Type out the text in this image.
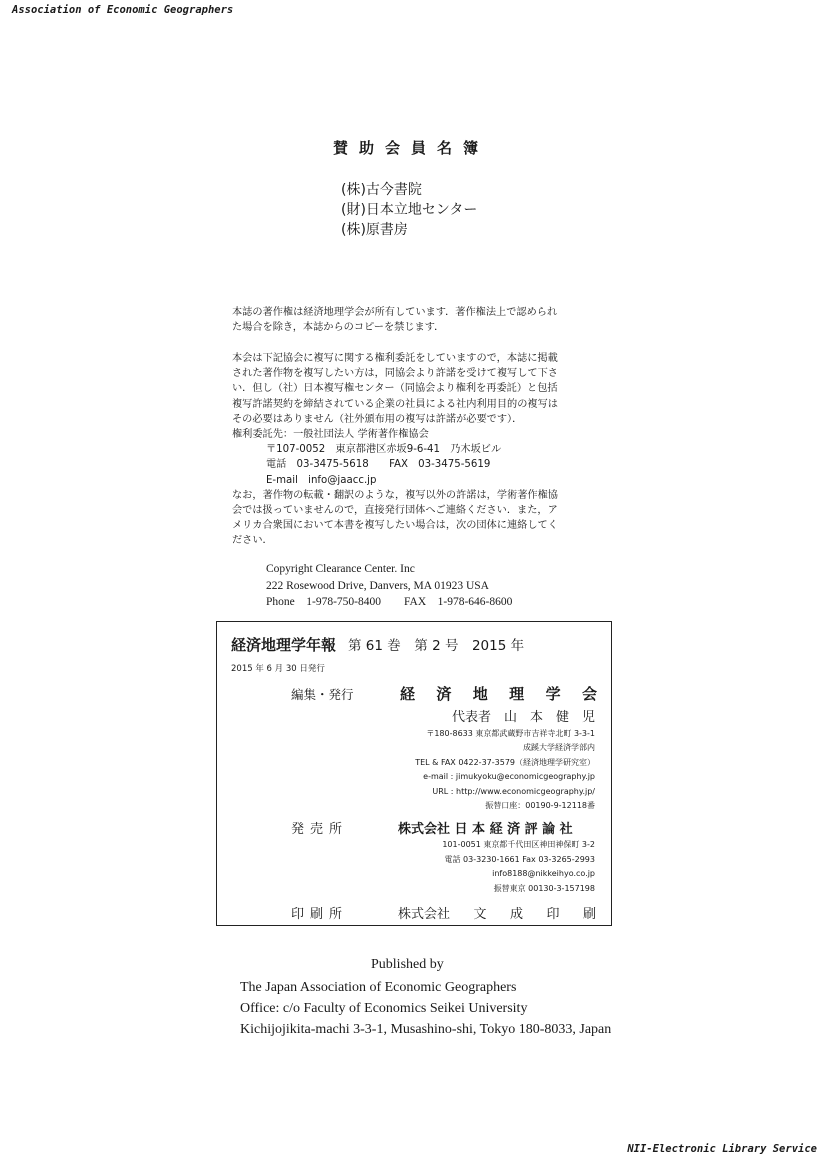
Association of Economic Geographers
NII-Electronic Library Service
賛助会員名簿
(株)古今書院
(財)日本立地センター
(株)原書房
本誌の著作権は経済地理学会が所有しています．著作権法上で認められ
た場合を除き，本誌からのコピーを禁じます．
本会は下記協会に複写に関する権利委託をしていますので，本誌に掲載
された著作物を複写したい方は，同協会より許諾を受けて複写して下さ
い．但し（社）日本複写権センター（同協会より権利を再委託）と包括
複写許諾契約を締結されている企業の社員による社内利用目的の複写は
その必要はありません（社外頒布用の複写は許諾が必要です）．
権利委託先：一般社団法人 学術著作権協会
〒107-0052　東京都港区赤坂9-6-41　乃木坂ビル
電話　03-3475-5618　　FAX　03-3475-5619
E-mail　info@jaacc.jp
なお，著作物の転載・翻訳のような，複写以外の許諾は，学術著作権協
会では扱っていませんので，直接発行団体へご連絡ください．また，ア
メリカ合衆国において本書を複写したい場合は，次の団体に連絡してく
ださい．
Copyright Clearance Center. Inc
222 Rosewood Drive, Danvers, MA 01923 USA
Phone　1-978-750-8400　　FAX　1-978-646-8600
経済地理学年報 第 61 巻　第 2 号　2015 年
2015 年 6 月 30 日発行
編集・発行	経 済 地 理 学 会
代表者　山　本　健　児
〒180-8633 東京都武蔵野市吉祥寺北町 3-3-1
成蹊大学経済学部内
TEL & FAX 0422-37-3579（経済地理学研究室）
e-mail : jimukyoku@economicgeography.jp
URL : http://www.economicgeography.jp/
振替口座：00190-9-12118番
発売所	株式会社 日 本 経 済 評 論 社
101-0051 東京都千代田区神田神保町 3-2
電話 03-3230-1661 Fax 03-3265-2993
info8188@nikkeihyo.co.jp
振替東京 00130-3-157198
印刷所	株式会社 文 成 印 刷
Published by
The Japan Association of Economic Geographers
Office: c/o Faculty of Economics Seikei University
Kichijojikita-machi 3-3-1, Musashino-shi, Tokyo 180-8033, Japan
